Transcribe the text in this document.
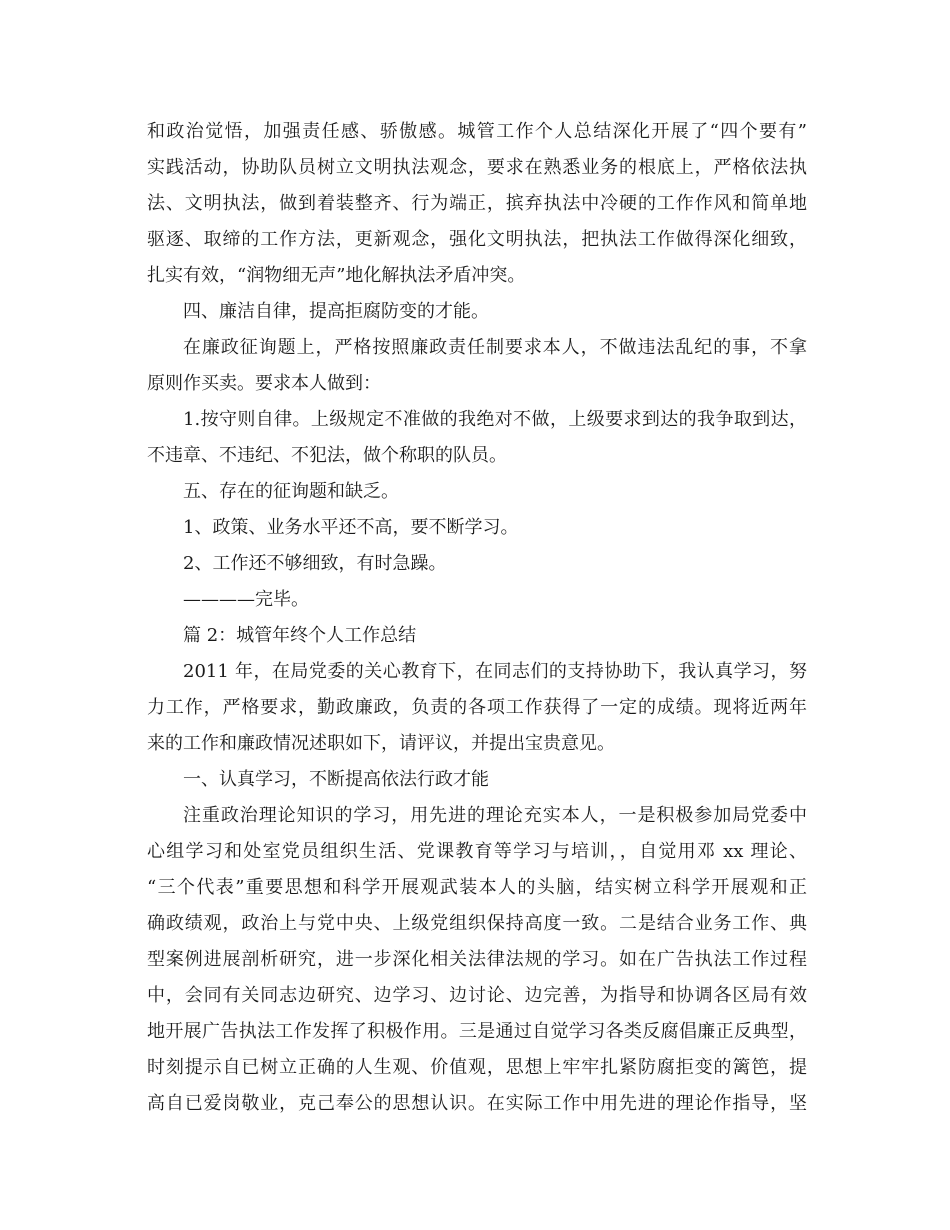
和政治觉悟，加强责任感、骄傲感。城管工作个人总结深化开展了“四个要有”
实践活动，协助队员树立文明执法观念，要求在熟悉业务的根底上，严格依法执
法、文明执法，做到着装整齐、行为端正，摈弃执法中冷硬的工作作风和简单地
驱逐、取缔的工作方法，更新观念，强化文明执法，把执法工作做得深化细致，
扎实有效，“润物细无声”地化解执法矛盾冲突。
四、廉洁自律，提高拒腐防变的才能。
在廉政征询题上，严格按照廉政责任制要求本人，不做违法乱纪的事，不拿
原则作买卖。要求本人做到：
1.按守则自律。上级规定不准做的我绝对不做，上级要求到达的我争取到达，
不违章、不违纪、不犯法，做个称职的队员。
五、存在的征询题和缺乏。
1、政策、业务水平还不高，要不断学习。
2、工作还不够细致，有时急躁。
————完毕。
篇 2：城管年终个人工作总结
2011 年，在局党委的关心教育下，在同志们的支持协助下，我认真学习，努
力工作，严格要求，勤政廉政，负责的各项工作获得了一定的成绩。现将近两年
来的工作和廉政情况述职如下，请评议，并提出宝贵意见。
一、认真学习，不断提高依法行政才能
注重政治理论知识的学习，用先进的理论充实本人，一是积极参加局党委中
心组学习和处室党员组织生活、党课教育等学习与培训，，自觉用邓 xx 理论、
“三个代表”重要思想和科学开展观武装本人的头脑，结实树立科学开展观和正
确政绩观，政治上与党中央、上级党组织保持高度一致。二是结合业务工作、典
型案例进展剖析研究，进一步深化相关法律法规的学习。如在广告执法工作过程
中，会同有关同志边研究、边学习、边讨论、边完善，为指导和协调各区局有效
地开展广告执法工作发挥了积极作用。三是通过自觉学习各类反腐倡廉正反典型，
时刻提示自已树立正确的人生观、价值观，思想上牢牢扎紧防腐拒变的篱笆，提
高自已爱岗敬业，克己奉公的思想认识。在实际工作中用先进的理论作指导，坚
